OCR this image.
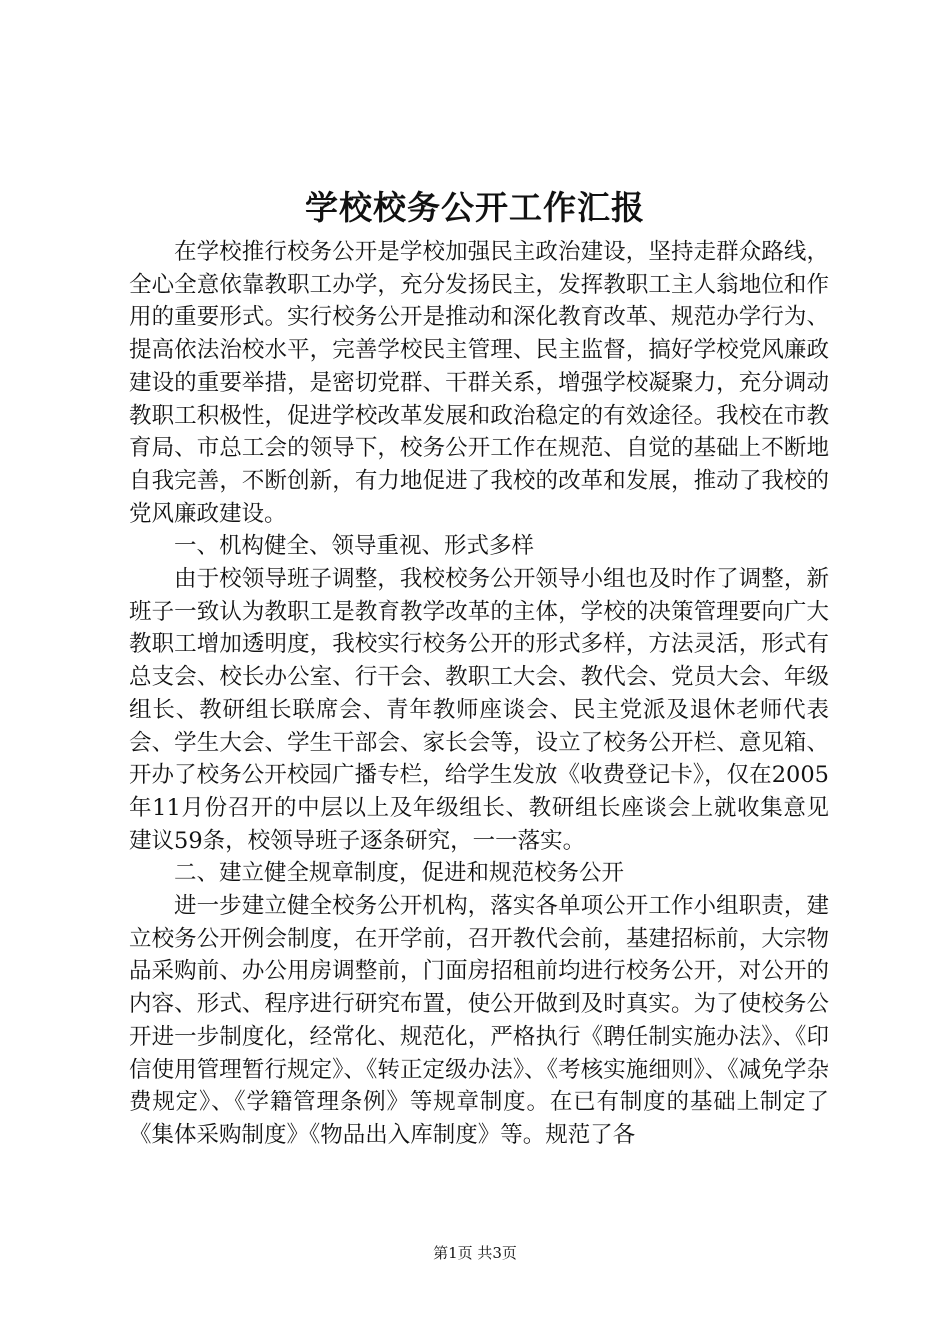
学校校务公开工作汇报

在学校推行校务公开是学校加强民主政治建设，坚持走群众路线，全心全意依靠教职工办学，充分发扬民主，发挥教职工主人翁地位和作用的重要形式。实行校务公开是推动和深化教育改革、规范办学行为、提高依法治校水平，完善学校民主管理、民主监督，搞好学校党风廉政建设的重要举措，是密切党群、干群关系，增强学校凝聚力，充分调动教职工积极性，促进学校改革发展和政治稳定的有效途径。我校在市教育局、市总工会的领导下，校务公开工作在规范、自觉的基础上不断地自我完善，不断创新，有力地促进了我校的改革和发展，推动了我校的党风廉政建设。

一、机构健全、领导重视、形式多样

由于校领导班子调整，我校校务公开领导小组也及时作了调整，新班子一致认为教职工是教育教学改革的主体，学校的决策管理要向广大教职工增加透明度，我校实行校务公开的形式多样，方法灵活，形式有总支会、校长办公室、行干会、教职工大会、教代会、党员大会、年级组长、教研组长联席会、青年教师座谈会、民主党派及退休老师代表会、学生大会、学生干部会、家长会等，设立了校务公开栏、意见箱、开办了校务公开校园广播专栏，给学生发放《收费登记卡》，仅在2005年11月份召开的中层以上及年级组长、教研组长座谈会上就收集意见建议59条，校领导班子逐条研究，一一落实。

二、建立健全规章制度，促进和规范校务公开

进一步建立健全校务公开机构，落实各单项公开工作小组职责，建立校务公开例会制度，在开学前，召开教代会前，基建招标前，大宗物品采购前、办公用房调整前，门面房招租前均进行校务公开，对公开的内容、形式、程序进行研究布置，使公开做到及时真实。为了使校务公开进一步制度化，经常化、规范化，严格执行《聘任制实施办法》、《印信使用管理暂行规定》、《转正定级办法》、《考核实施细则》、《减免学杂费规定》、《学籍管理条例》等规章制度。在已有制度的基础上制定了《集体采购制度》《物品出入库制度》等。规范了各

第1页 共3页
